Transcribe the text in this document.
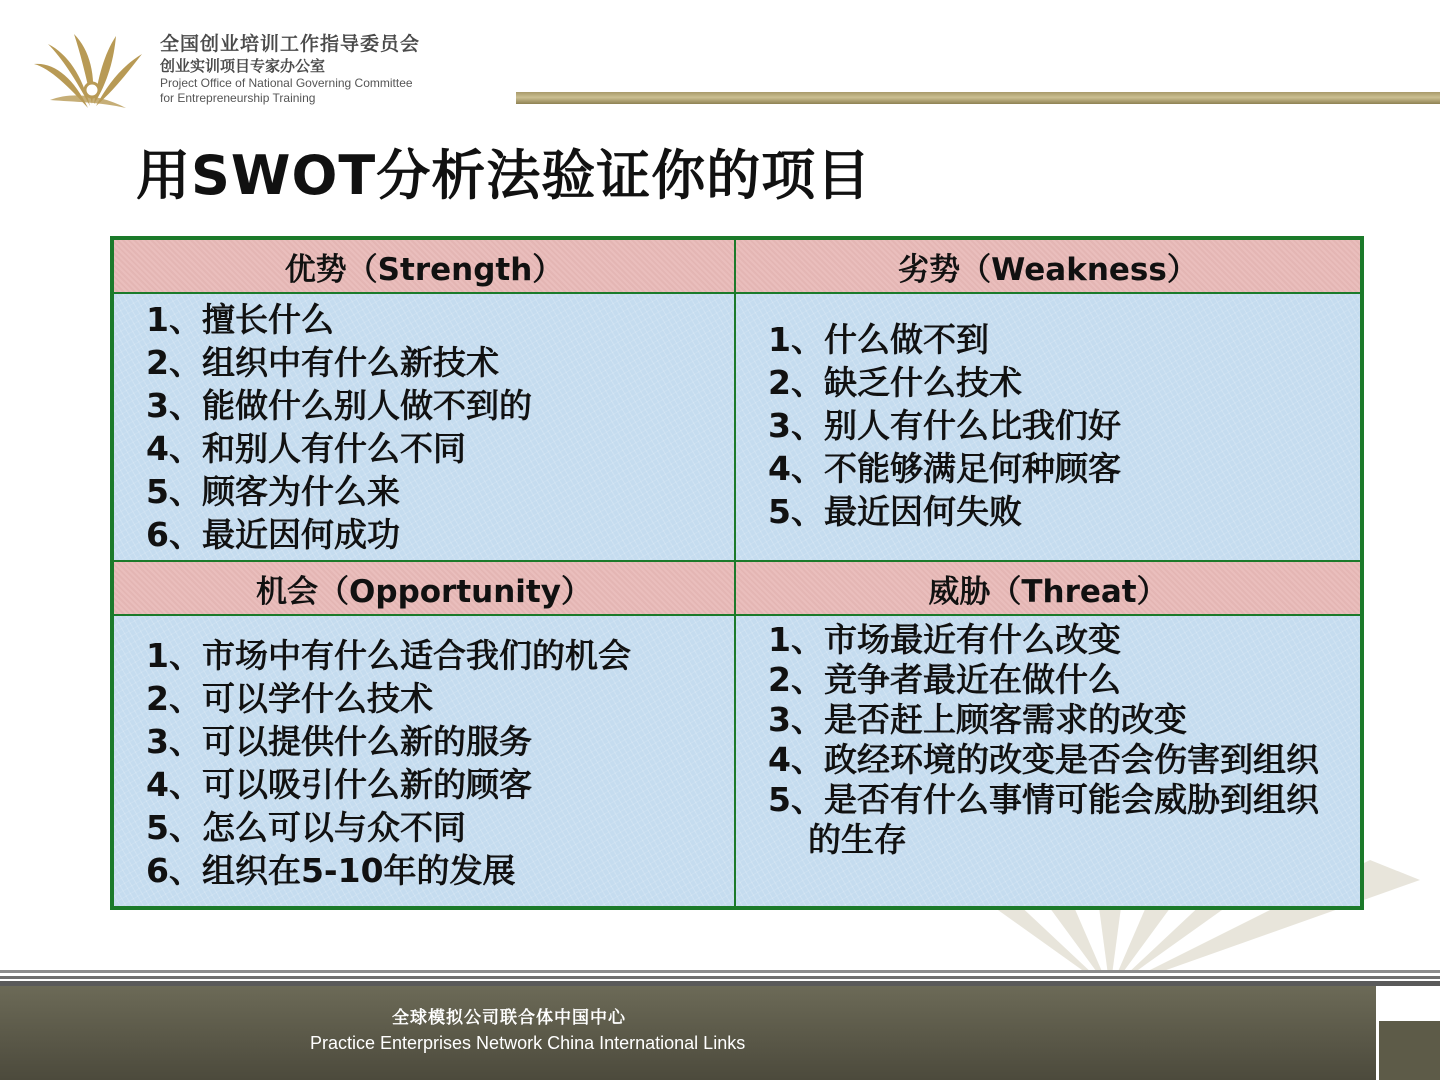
全国创业培训工作指导委员会
创业实训项目专家办公室
Project Office of National Governing Committee
for Entrepreneurship Training
用SWOT分析法验证你的项目
优势（Strength）	劣势（Weakness）
1、擅长什么
2、组织中有什么新技术
3、能做什么别人做不到的
4、和别人有什么不同
5、顾客为什么来
6、最近因何成功
1、什么做不到
2、缺乏什么技术
3、别人有什么比我们好
4、不能够满足何种顾客
5、最近因何失败
机会（Opportunity）	威胁（Threat）
1、市场中有什么适合我们的机会
2、可以学什么技术
3、可以提供什么新的服务
4、可以吸引什么新的顾客
5、怎么可以与众不同
6、组织在5-10年的发展
1、市场最近有什么改变
2、竞争者最近在做什么
3、是否赶上顾客需求的改变
4、政经环境的改变是否会伤害到组织
5、是否有什么事情可能会威胁到组织的生存
全球模拟公司联合体中国中心
Practice Enterprises Network China International Links
